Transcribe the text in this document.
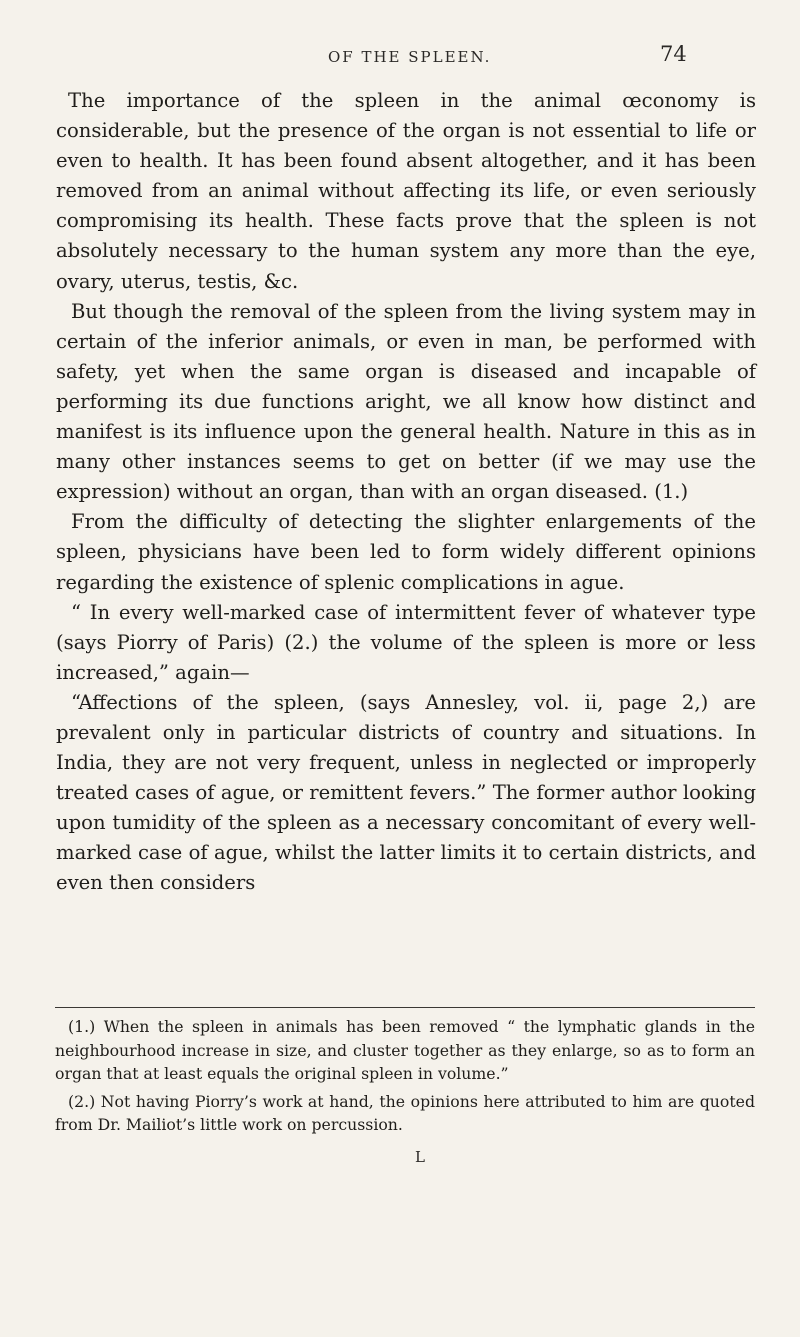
OF THE SPLEEN.	74

The importance of the spleen in the animal œconomy is considerable, but the presence of the organ is not essential to life or even to health. It has been found absent altogether, and it has been removed from an animal without affecting its life, or even seriously compromising its health. These facts prove that the spleen is not absolutely necessary to the human system any more than the eye, ovary, uterus, testis, &c.

But though the removal of the spleen from the living system may in certain of the inferior animals, or even in man, be performed with safety, yet when the same organ is diseased and incapable of performing its due functions aright, we all know how distinct and manifest is its influence upon the general health. Nature in this as in many other instances seems to get on better (if we may use the expression) without an organ, than with an organ diseased. (1.)

From the difficulty of detecting the slighter enlargements of the spleen, physicians have been led to form widely different opinions regarding the existence of splenic complications in ague.

“ In every well-marked case of intermittent fever of whatever type (says Piorry of Paris) (2.) the volume of the spleen is more or less increased,” again—

“Affections of the spleen, (says Annesley, vol. ii, page 2,) are prevalent only in particular districts of country and situations. In India, they are not very frequent, unless in neglected or improperly treated cases of ague, or remittent fevers.” The former author looking upon tumidity of the spleen as a necessary concomitant of every well-marked case of ague, whilst the latter limits it to certain districts, and even then considers

(1.) When the spleen in animals has been removed “ the lymphatic glands in the neighbourhood increase in size, and cluster together as they enlarge, so as to form an organ that at least equals the original spleen in volume.”

(2.) Not having Piorry’s work at hand, the opinions here attributed to him are quoted from Dr. Mailiot’s little work on percussion.

L
